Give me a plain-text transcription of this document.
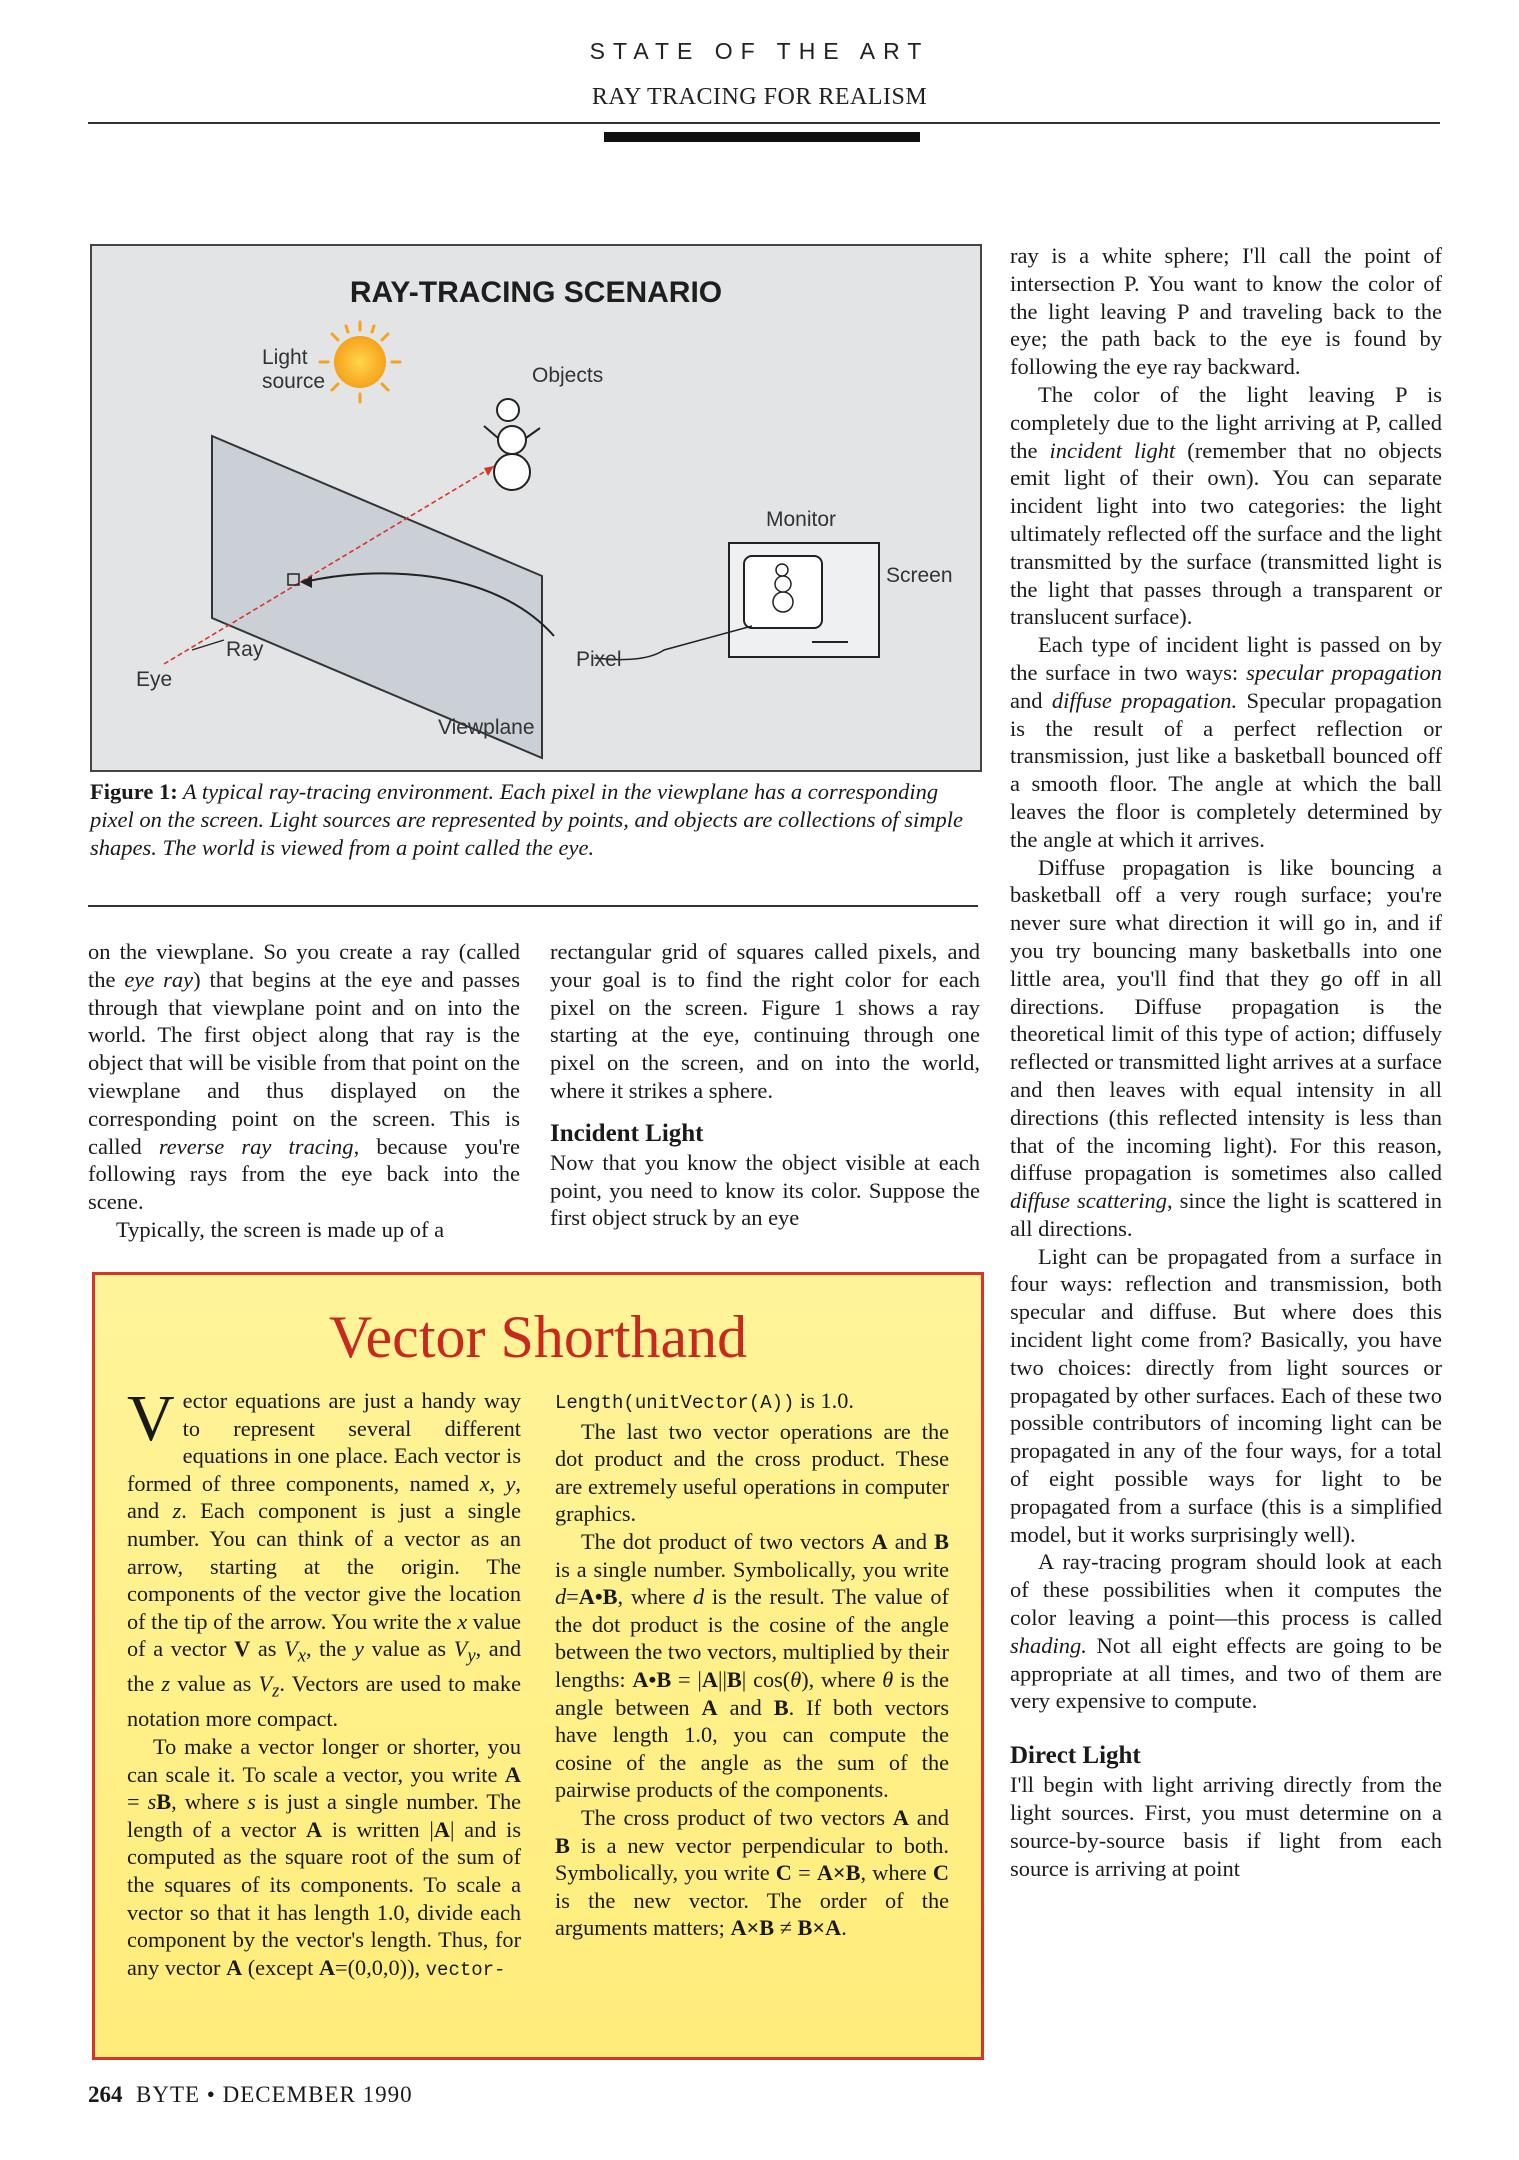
STATE OF THE ART
RAY TRACING FOR REALISM
RAY-TRACING SCENARIO
Light
source	Objects
Monitor
Screen
Ray	Pixel
Eye
Viewplane
Figure 1: A typical ray-tracing environment. Each pixel in the viewplane has a corresponding pixel on the screen. Light sources are represented by points, and objects are collections of simple shapes. The world is viewed from a point called the eye.

on the viewplane. So you create a ray (called the eye ray) that begins at the eye and passes through that viewplane point and on into the world. The first object along that ray is the object that will be visible from that point on the viewplane and thus displayed on the corresponding point on the screen. This is called reverse ray tracing, because you're following rays from the eye back into the scene.

Typically, the screen is made up of a

rectangular grid of squares called pixels, and your goal is to find the right color for each pixel on the screen. Figure 1 shows a ray starting at the eye, continuing through one pixel on the screen, and on into the world, where it strikes a sphere.

Incident Light

Now that you know the object visible at each point, you need to know its color. Suppose the first object struck by an eye

ray is a white sphere; I'll call the point of intersection P. You want to know the color of the light leaving P and traveling back to the eye; the path back to the eye is found by following the eye ray backward.

The color of the light leaving P is completely due to the light arriving at P, called the incident light (remember that no objects emit light of their own). You can separate incident light into two categories: the light ultimately reflected off the surface and the light transmitted by the surface (transmitted light is the light that passes through a transparent or translucent surface).

Each type of incident light is passed on by the surface in two ways: specular propagation and diffuse propagation. Specular propagation is the result of a perfect reflection or transmission, just like a basketball bounced off a smooth floor. The angle at which the ball leaves the floor is completely determined by the angle at which it arrives.

Diffuse propagation is like bouncing a basketball off a very rough surface; you're never sure what direction it will go in, and if you try bouncing many basketballs into one little area, you'll find that they go off in all directions. Diffuse propagation is the theoretical limit of this type of action; diffusely reflected or transmitted light arrives at a surface and then leaves with equal intensity in all directions (this reflected intensity is less than that of the incoming light). For this reason, diffuse propagation is sometimes also called diffuse scattering, since the light is scattered in all directions.

Light can be propagated from a surface in four ways: reflection and transmission, both specular and diffuse. But where does this incident light come from? Basically, you have two choices: directly from light sources or propagated by other surfaces. Each of these two possible contributors of incoming light can be propagated in any of the four ways, for a total of eight possible ways for light to be propagated from a surface (this is a simplified model, but it works surprisingly well).

A ray-tracing program should look at each of these possibilities when it computes the color leaving a point—this process is called shading. Not all eight effects are going to be appropriate at all times, and two of them are very expensive to compute.

Direct Light

I'll begin with light arriving directly from the light sources. First, you must determine on a source-by-source basis if light from each source is arriving at point

Vector Shorthand

Vector equations are just a handy way to represent several different equations in one place. Each vector is formed of three components, named x, y, and z. Each component is just a single number. You can think of a vector as an arrow, starting at the origin. The components of the vector give the location of the tip of the arrow. You write the x value of a vector V as $V_x$, the y value as $V_y$, and the z value as $V_z$. Vectors are used to make notation more compact.

To make a vector longer or shorter, you can scale it. To scale a vector, you write A = sB, where s is just a single number. The length of a vector A is written |A| and is computed as the square root of the sum of the squares of its components. To scale a vector so that it has length 1.0, divide each component by the vector's length. Thus, for any vector A (except A=(0,0,0)), vector-

Length(unitVector(A)) is 1.0.

The last two vector operations are the dot product and the cross product. These are extremely useful operations in computer graphics.

The dot product of two vectors A and B is a single number. Symbolically, you write d=A•B, where d is the result. The value of the dot product is the cosine of the angle between the two vectors, multiplied by their lengths: A•B = |A||B| cos(θ), where θ is the angle between A and B. If both vectors have length 1.0, you can compute the cosine of the angle as the sum of the pairwise products of the components.

The cross product of two vectors A and B is a new vector perpendicular to both. Symbolically, you write C = A×B, where C is the new vector. The order of the arguments matters; A×B ≠ B×A.

264 BYTE • DECEMBER 1990
